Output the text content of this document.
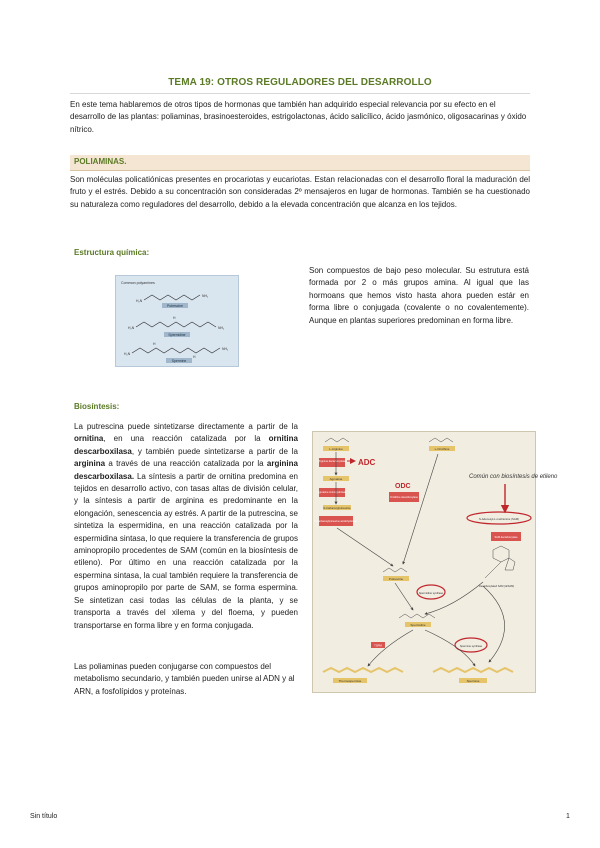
TEMA 19: OTROS REGULADORES DEL DESARROLLO

En este tema hablaremos de otros tipos de hormonas que también han adquirido especial relevancia por su efecto en el desarrollo de las plantas: poliaminas, brasinoesteroides, estrigolactonas, ácido salicílico, ácido jasmónico, oligosacarinas y óxido nítrico.

POLIAMINAS.

Son moléculas policatiónicas presentes en procariotas y eucariotas. Estan relacionadas con el desarrollo floral la maduración del fruto y el estrés. Debido a su concentración son consideradas 2º mensajeros en lugar de hormonas. También se ha cuestionado su naturaleza como reguladores del desarrollo, debido a la elevada concentración que alcanza en los tejidos.

Estructura química:
Common polyamines
H₂N
NH₂
Putrescine
H₂N
H
NH₂
Spermidine
H₂N
H
H
NH₂
Spermine

Son compuestos de bajo peso molecular. Su estrutura está formada por 2 o más grupos amina. Al igual que las hormoans que hemos visto hasta ahora pueden estár en forma libre o conjugada (covalente o no covalentemente). Aunque en plantas superiores predominan en forma libre.

Biosíntesis:

La putrescina puede sintetizarse directamente a partir de la ornitina, en una reacción catalizada por la ornitina descarboxilasa, y también puede sintetizarse a partir de la arginina a través de una reacción catalizada por la arginina descarboxilasa. La síntesis a partir de ornitina predomina en tejidos en desarrollo activo, con tasas altas de división celular, y la síntesis a partir de arginina es predominante en la elongación, senescencia ay estrés. A partir de la putrescina, se sintetiza la espermidina, en una reacción catalizada por la espermidina sintasa, lo que requiere la transferencia de grupos aminopropilo procedentes de SAM (común en la biosíntesis de etileno). Por último en una reacción catalizada por la espermina sintasa, la cual también requiere la transferencia de grupos aminopropilo por parte de SAM, se forma espermina. Se sintetizan casi todas las células de la planta, y se transporta a través del xilema y del floema, y pueden transportarse en forma libre y en forma conjugada.

Las poliaminas pueden conjugarse con compuestos del metabolismo secundario, y también pueden unirse al ADN y al ARN, a fosfolípidos y proteínas.

L-Arginine	L-Ornithine
Arginine decarboxylase ADC
Agmatine
Agmatine iminohydrolase
N-Carbamoylputrescine
N-Carbamoylputrescine amidohydrolase
ODC
Ornithine decarboxylase
Común con biosíntesis de etileno
S-Adenosyl-L-methionine (SAM)
SAM decarboxylase
Decarboxylated SAM (dcSAM)
Putrescine
Spermidine synthase
Spermidine
TSPM	Spermine synthase
Thermospermine	Spermine
Sin título	1
